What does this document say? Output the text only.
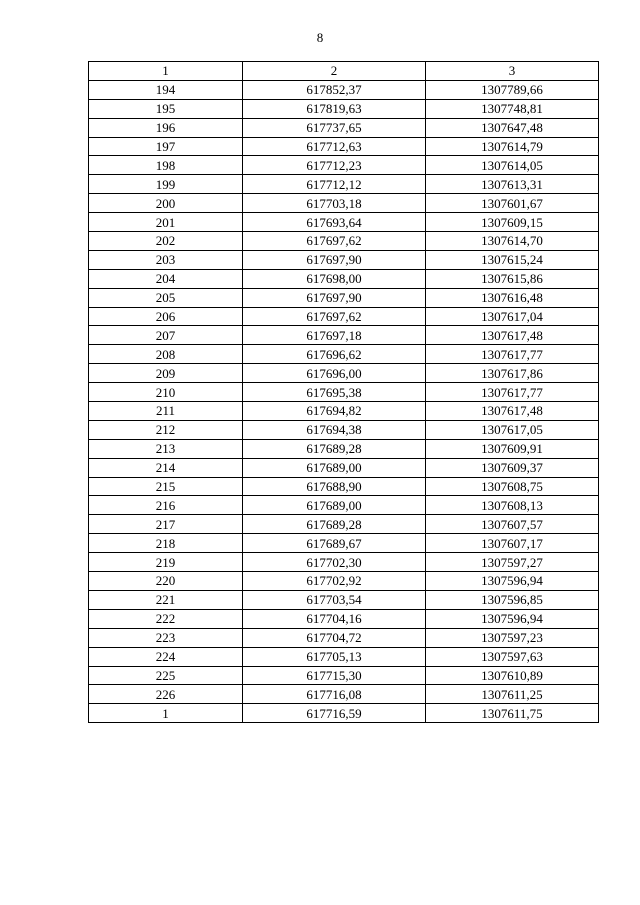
8
1	2	3
194	617852,37	1307789,66
195	617819,63	1307748,81
196	617737,65	1307647,48
197	617712,63	1307614,79
198	617712,23	1307614,05
199	617712,12	1307613,31
200	617703,18	1307601,67
201	617693,64	1307609,15
202	617697,62	1307614,70
203	617697,90	1307615,24
204	617698,00	1307615,86
205	617697,90	1307616,48
206	617697,62	1307617,04
207	617697,18	1307617,48
208	617696,62	1307617,77
209	617696,00	1307617,86
210	617695,38	1307617,77
211	617694,82	1307617,48
212	617694,38	1307617,05
213	617689,28	1307609,91
214	617689,00	1307609,37
215	617688,90	1307608,75
216	617689,00	1307608,13
217	617689,28	1307607,57
218	617689,67	1307607,17
219	617702,30	1307597,27
220	617702,92	1307596,94
221	617703,54	1307596,85
222	617704,16	1307596,94
223	617704,72	1307597,23
224	617705,13	1307597,63
225	617715,30	1307610,89
226	617716,08	1307611,25
1	617716,59	1307611,75
